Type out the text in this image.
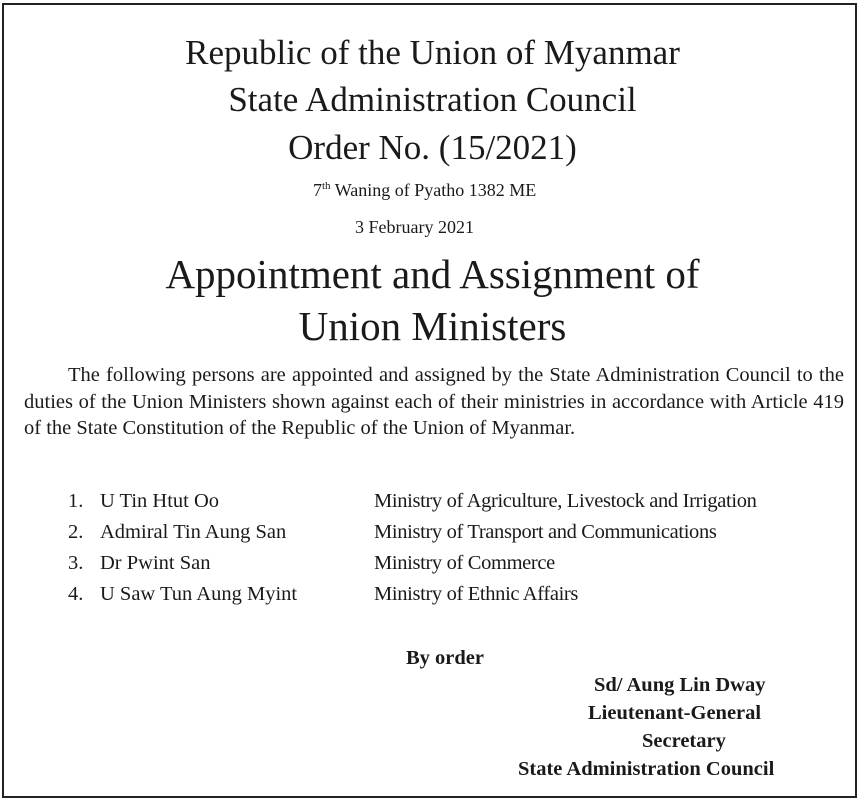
Republic of the Union of Myanmar
State Administration Council
Order No. (15/2021)
7th Waning of Pyatho 1382 ME
3 February 2021
Appointment and Assignment of
Union Ministers
The following persons are appointed and assigned by the State Administration Council to the duties of the Union Ministers shown against each of their ministries in accordance with Article 419 of the State Constitution of the Republic of the Union of Myanmar.
1. U Tin Htut Oo	Ministry of Agriculture, Livestock and Irrigation
2. Admiral Tin Aung San	Ministry of Transport and Communications
3. Dr Pwint San	Ministry of Commerce
4. U Saw Tun Aung Myint	Ministry of Ethnic Affairs
By order
Sd/ Aung Lin Dway
Lieutenant-General
Secretary
State Administration Council
